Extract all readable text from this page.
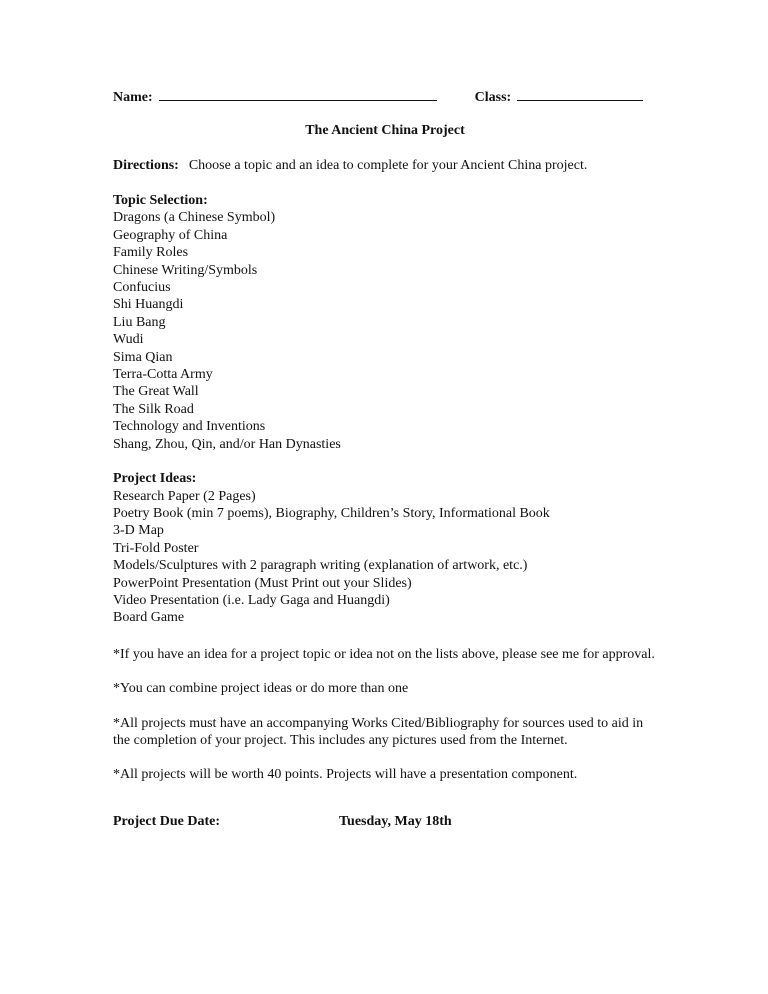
Name:	Class:
The Ancient China Project
Directions: Choose a topic and an idea to complete for your Ancient China project.
Topic Selection:
Dragons (a Chinese Symbol)
Geography of China
Family Roles
Chinese Writing/Symbols
Confucius
Shi Huangdi
Liu Bang
Wudi
Sima Qian
Terra-Cotta Army
The Great Wall
The Silk Road
Technology and Inventions
Shang, Zhou, Qin, and/or Han Dynasties
Project Ideas:
Research Paper (2 Pages)
Poetry Book (min 7 poems), Biography, Children’s Story, Informational Book
3-D Map
Tri-Fold Poster
Models/Sculptures with 2 paragraph writing (explanation of artwork, etc.)
PowerPoint Presentation (Must Print out your Slides)
Video Presentation (i.e. Lady Gaga and Huangdi)
Board Game
*If you have an idea for a project topic or idea not on the lists above, please see me for approval.
*You can combine project ideas or do more than one
*All projects must have an accompanying Works Cited/Bibliography for sources used to aid in the completion of your project. This includes any pictures used from the Internet.
*All projects will be worth 40 points. Projects will have a presentation component.
Project Due Date:	Tuesday, May 18th
